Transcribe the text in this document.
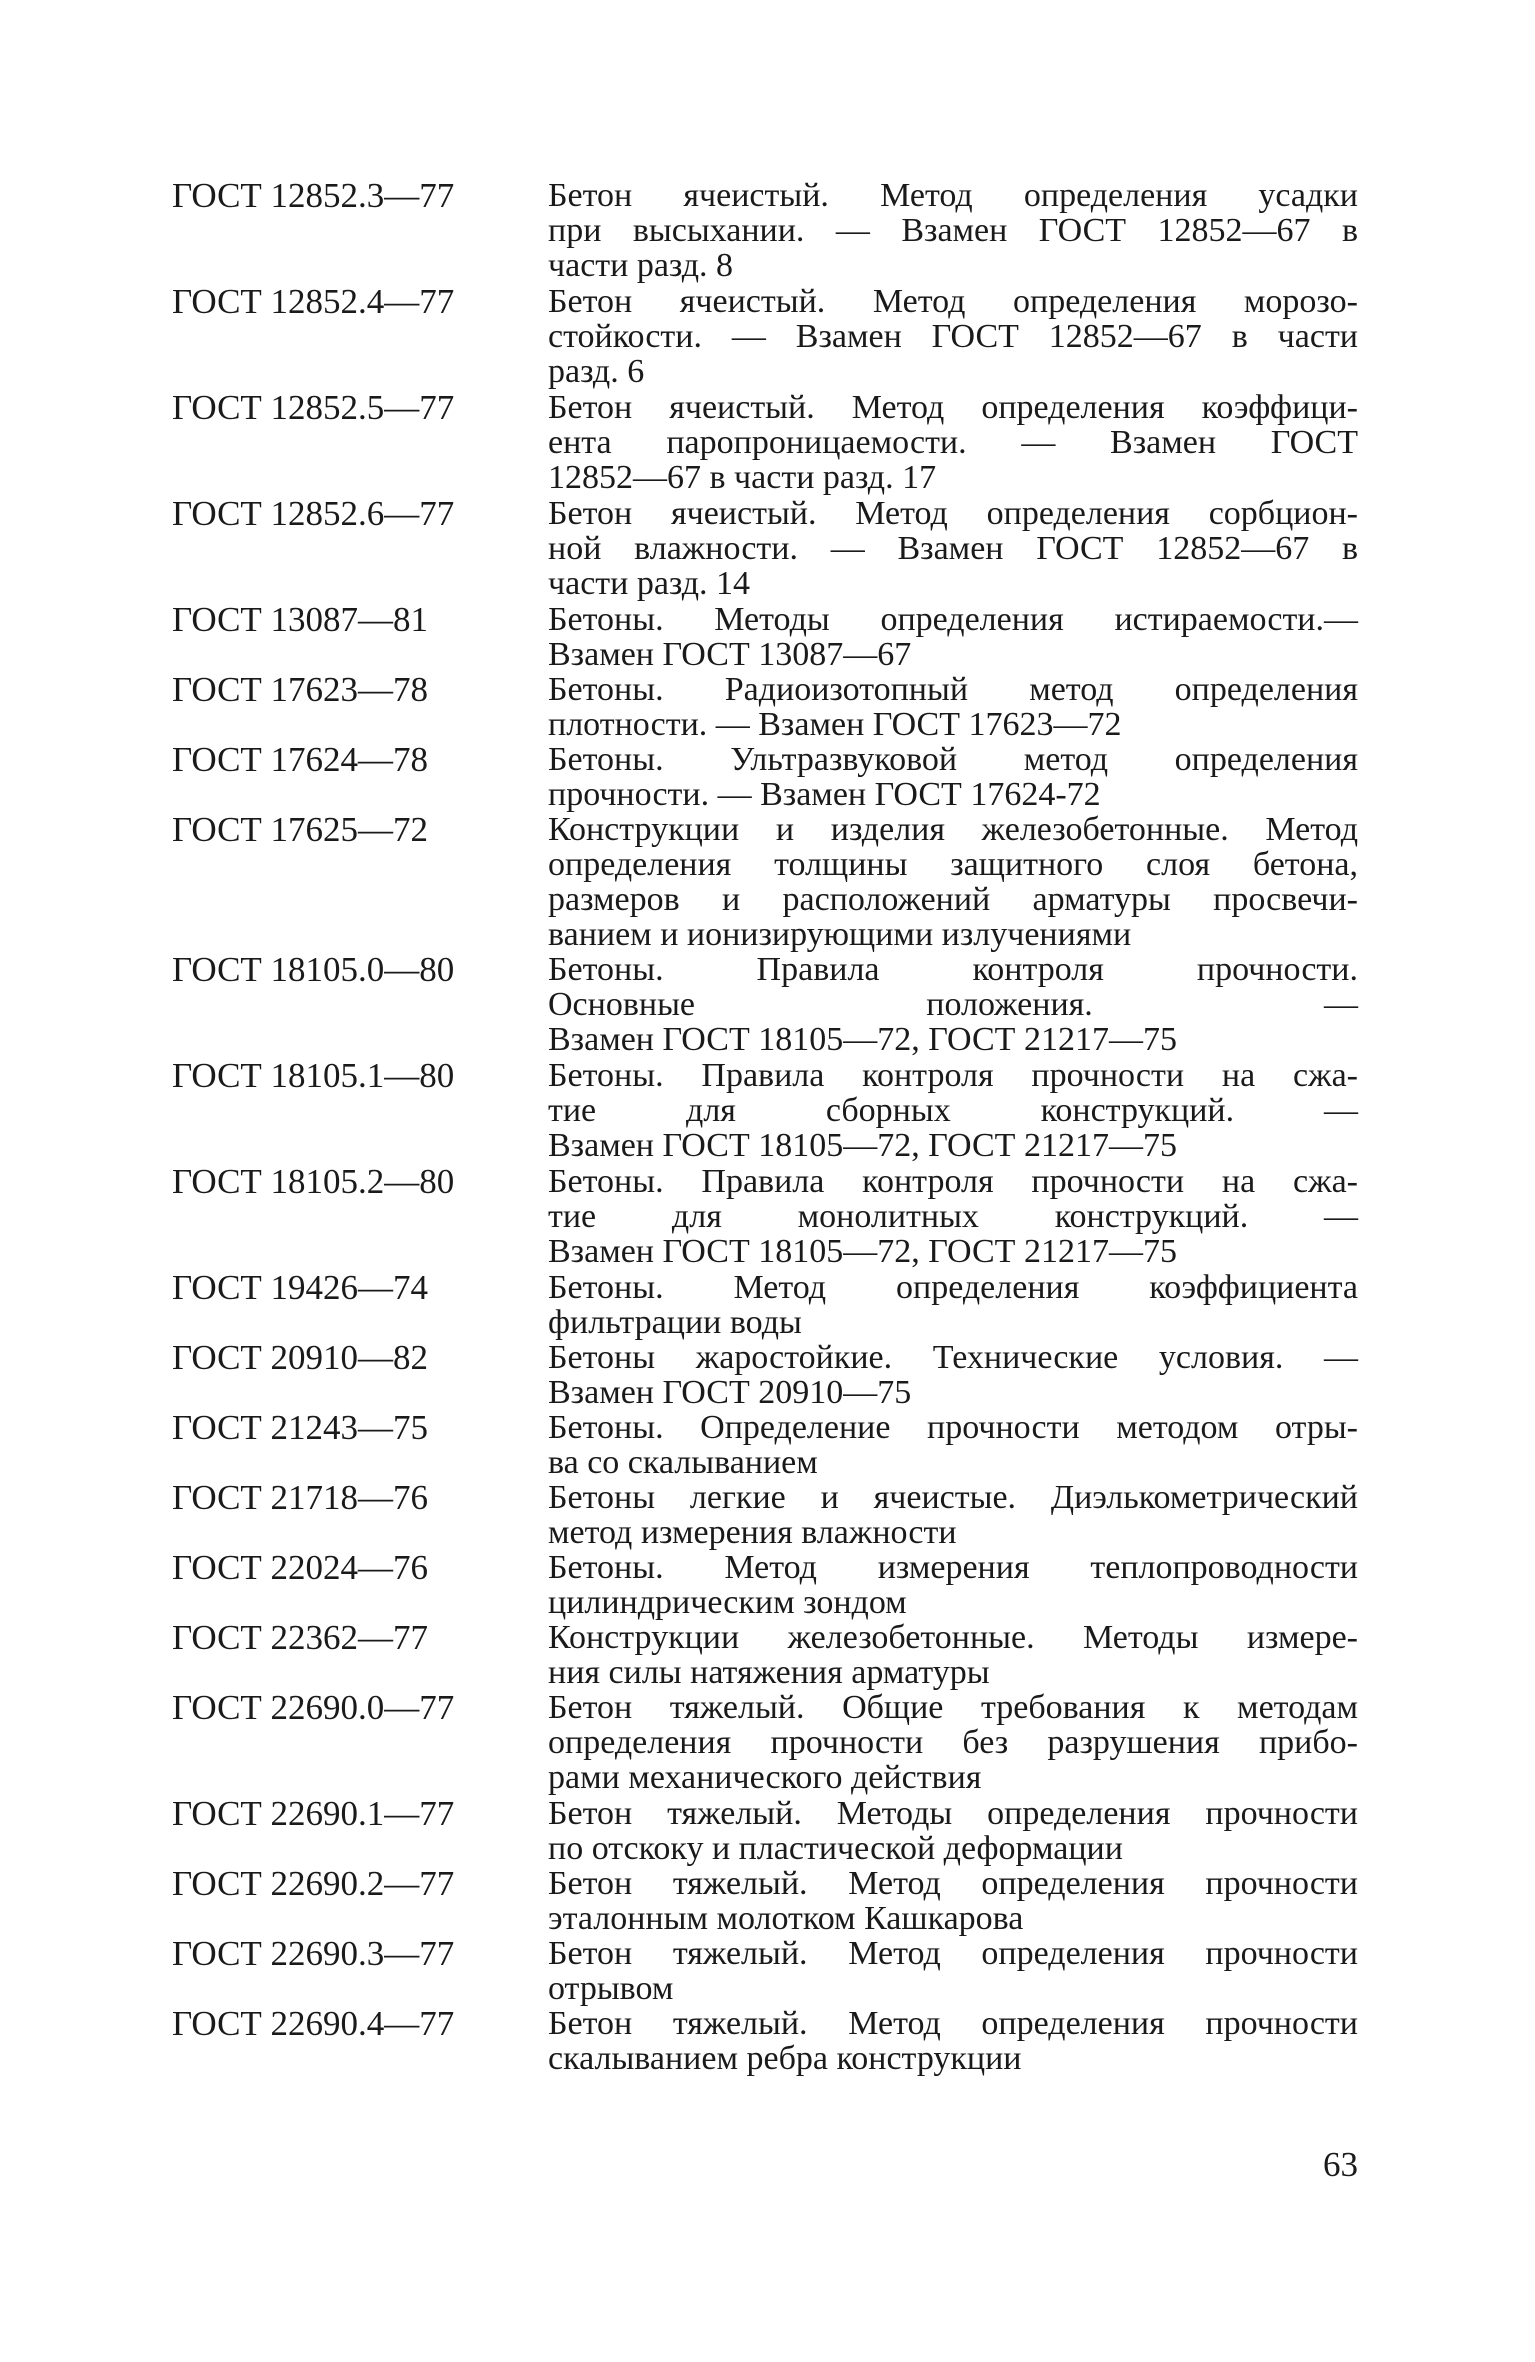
ГОСТ 12852.3—77	Бетон ячеистый. Метод определения усадки
при высыхании. — Взамен ГОСТ 12852—67 в
части разд. 8
ГОСТ 12852.4—77	Бетон ячеистый. Метод определения морозо-
стойкости. — Взамен ГОСТ 12852—67 в части
разд. 6
ГОСТ 12852.5—77	Бетон ячеистый. Метод определения коэффици-
ента паропроницаемости. — Взамен ГОСТ
12852—67 в части разд. 17
ГОСТ 12852.6—77	Бетон ячеистый. Метод определения сорбцион-
ной влажности. — Взамен ГОСТ 12852—67 в
части разд. 14
ГОСТ 13087—81	Бетоны. Методы определения истираемости.—
Взамен ГОСТ 13087—67
ГОСТ 17623—78	Бетоны. Радиоизотопный метод определения
плотности. — Взамен ГОСТ 17623—72
ГОСТ 17624—78	Бетоны. Ультразвуковой метод определения
прочности. — Взамен ГОСТ 17624-72
ГОСТ 17625—72	Конструкции и изделия железобетонные. Метод
определения толщины защитного слоя бетона,
размеров и расположений арматуры просвечи-
ванием и ионизирующими излучениями
ГОСТ 18105.0—80	Бетоны. Правила контроля прочности.
Основные положения. —
Взамен ГОСТ 18105—72, ГОСТ 21217—75
ГОСТ 18105.1—80	Бетоны. Правила контроля прочности на сжа-
тие для сборных конструкций. —
Взамен ГОСТ 18105—72, ГОСТ 21217—75
ГОСТ 18105.2—80	Бетоны. Правила контроля прочности на сжа-
тие для монолитных конструкций. —
Взамен ГОСТ 18105—72, ГОСТ 21217—75
ГОСТ 19426—74	Бетоны. Метод определения коэффициента
фильтрации воды
ГОСТ 20910—82	Бетоны жаростойкие. Технические условия. —
Взамен ГОСТ 20910—75
ГОСТ 21243—75	Бетоны. Определение прочности методом отры-
ва со скалыванием
ГОСТ 21718—76	Бетоны легкие и ячеистые. Диэлькометрический
метод измерения влажности
ГОСТ 22024—76	Бетоны. Метод измерения теплопроводности
цилиндрическим зондом
ГОСТ 22362—77	Конструкции железобетонные. Методы измере-
ния силы натяжения арматуры
ГОСТ 22690.0—77	Бетон тяжелый. Общие требования к методам
определения прочности без разрушения прибо-
рами механического действия
ГОСТ 22690.1—77	Бетон тяжелый. Методы определения прочности
по отскоку и пластической деформации
ГОСТ 22690.2—77	Бетон тяжелый. Метод определения прочности
эталонным молотком Кашкарова
ГОСТ 22690.3—77	Бетон тяжелый. Метод определения прочности
отрывом
ГОСТ 22690.4—77	Бетон тяжелый. Метод определения прочности
скалыванием ребра конструкции
63
